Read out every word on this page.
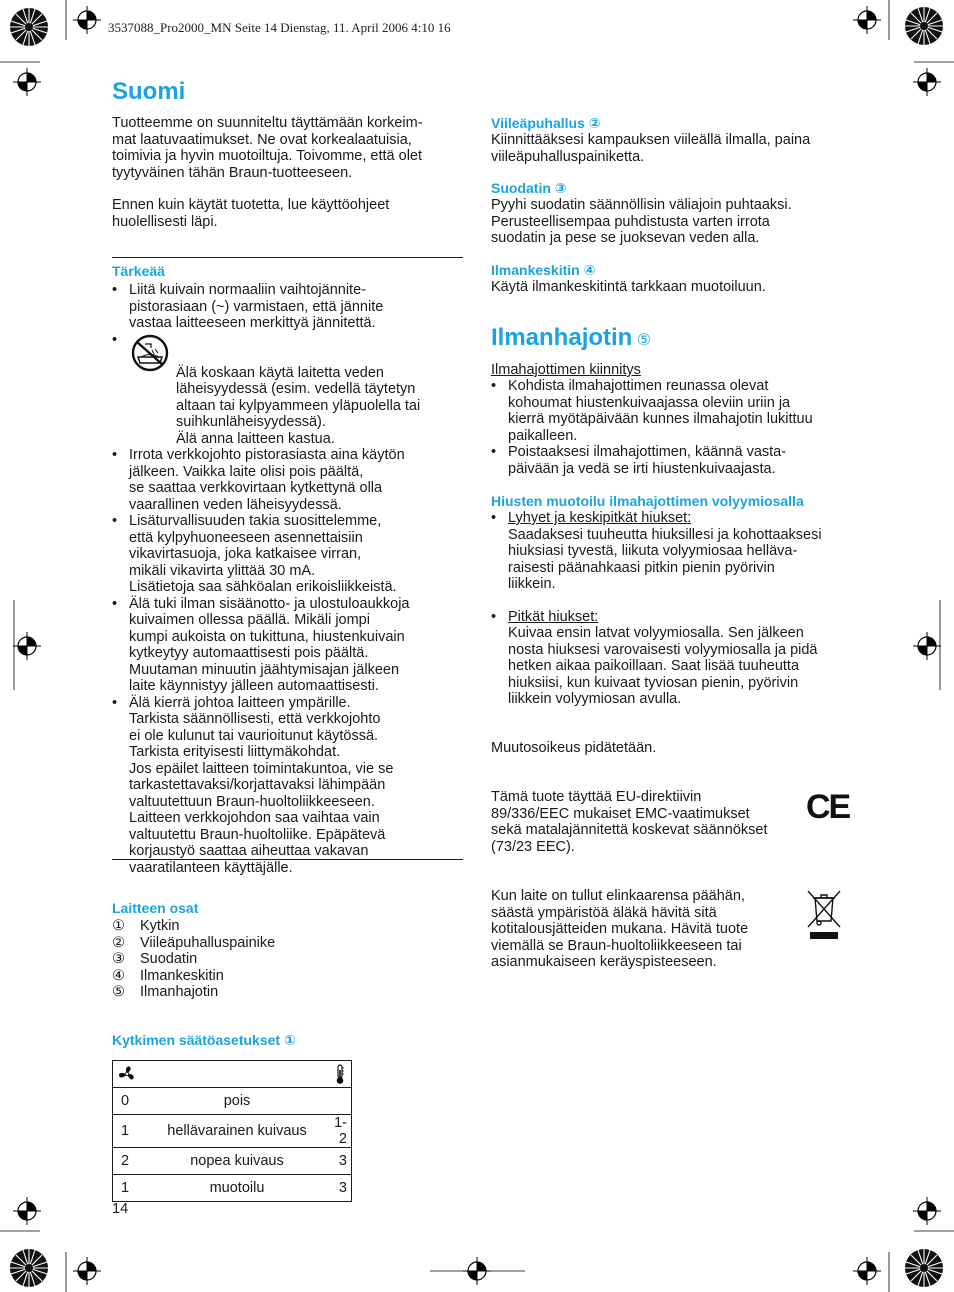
3537088_Pro2000_MN Seite 14 Dienstag, 11. April 2006 4:10 16
Suomi
Tuotteemme on suunniteltu täyttämään korkeim-
mat laatuvaatimukset. Ne ovat korkealaatuisia,
toimivia ja hyvin muotoiltuja. Toivomme, että olet
tyytyväinen tähän Braun-tuotteeseen.
Ennen kuin käytät tuotetta, lue käyttöohjeet
huolellisesti läpi.
Tärkeää
• Liitä kuivain normaaliin vaihtojännite-
pistorasiaan (~) varmistaen, että jännite
vastaa laitteeseen merkittyä jännitettä.

• Älä koskaan käytä laitetta veden
läheisyydessä (esim. vedellä täytetyn
altaan tai kylpyammeen yläpuolella tai
suihkunläheisyydessä).
Älä anna laitteen kastua.

• Irrota verkkojohto pistorasiasta aina käytön
jälkeen. Vaikka laite olisi pois päältä,
se saattaa verkkovirtaan kytkettynä olla
vaarallinen veden läheisyydessä.
• Lisäturvallisuuden takia suosittelemme,
että kylpyhuoneeseen asennettaisiin
vikavirtasuoja, joka katkaisee virran,
mikäli vikavirta ylittää 30 mA.
Lisätietoja saa sähköalan erikoisliikkeistä.
• Älä tuki ilman sisäänotto- ja ulostuloaukkoja
kuivaimen ollessa päällä. Mikäli jompi
kumpi aukoista on tukittuna, hiustenkuivain
kytkeytyy automaattisesti pois päältä.
Muutaman minuutin jäähtymisajan jälkeen
laite käynnistyy jälleen automaattisesti.
• Älä kierrä johtoa laitteen ympärille.
Tarkista säännöllisesti, että verkkojohto
ei ole kulunut tai vaurioitunut käytössä.
Tarkista erityisesti liittymäkohdat.
Jos epäilet laitteen toimintakuntoa, vie se
tarkastettavaksi/korjattavaksi lähimpään
valtuutettuun Braun-huoltoliikkeeseen.
Laitteen verkkojohdon saa vaihtaa vain
valtuutettu Braun-huoltoliike. Epäpätevä
korjaustyö saattaa aiheuttaa vakavan
vaaratilanteen käyttäjälle.
Laitteen osat
①	Kytkin
②	Viileäpuhalluspainike
③	Suodatin
④	Ilmankeskitin
⑤	Ilmanhajotin
Kytkimen säätöasetukset ①

0	pois	
1	hellävarainen kuivaus	1-2
2	nopea kuivaus	3
1	muotoilu	3
14
Viileäpuhallus ②
Kiinnittääksesi kampauksen viileällä ilmalla, paina
viileäpuhalluspainiketta.
Suodatin ③
Pyyhi suodatin säännöllisin väliajoin puhtaaksi.
Perusteellisempaa puhdistusta varten irrota
suodatin ja pese se juoksevan veden alla.
Ilmankeskitin ④
Käytä ilmankeskitintä tarkkaan muotoiluun.
Ilmanhajotin ⑤
Ilmahajottimen kiinnitys
• Kohdista ilmahajottimen reunassa olevat
kohoumat hiustenkuivaajassa oleviin uriin ja
kierrä myötäpäivään kunnes ilmahajotin lukittuu
paikalleen.
• Poistaaksesi ilmahajottimen, käännä vasta-
päivään ja vedä se irti hiustenkuivaajasta.
Hiusten muotoilu ilmahajottimen volyymiosalla
• Lyhyet ja keskipitkät hiukset:
Saadaksesi tuuheutta hiuksillesi ja kohottaaksesi
hiuksiasi tyvestä, liikuta volyymiosaa helläva-
raisesti päänahkaasi pitkin pienin pyörivin
liikkein.
• Pitkät hiukset:
Kuivaa ensin latvat volyymiosalla. Sen jälkeen
nosta hiuksesi varovaisesti volyymiosalla ja pidä
hetken aikaa paikoillaan. Saat lisää tuuheutta
hiuksiisi, kun kuivaat tyviosan pienin, pyörivin
liikkein volyymiosan avulla.
Muutosoikeus pidätetään.
Tämä tuote täyttää EU-direktiivin
89/336/EEC mukaiset EMC-vaatimukset
sekä matalajännitettä koskevat säännökset
(73/23 EEC).
CE
Kun laite on tullut elinkaarensa päähän,
säästä ympäristöä äläkä hävitä sitä
kotitalousjätteiden mukana. Hävitä tuote
viemällä se Braun-huoltoliikkeeseen tai
asianmukaiseen keräyspisteeseen.
